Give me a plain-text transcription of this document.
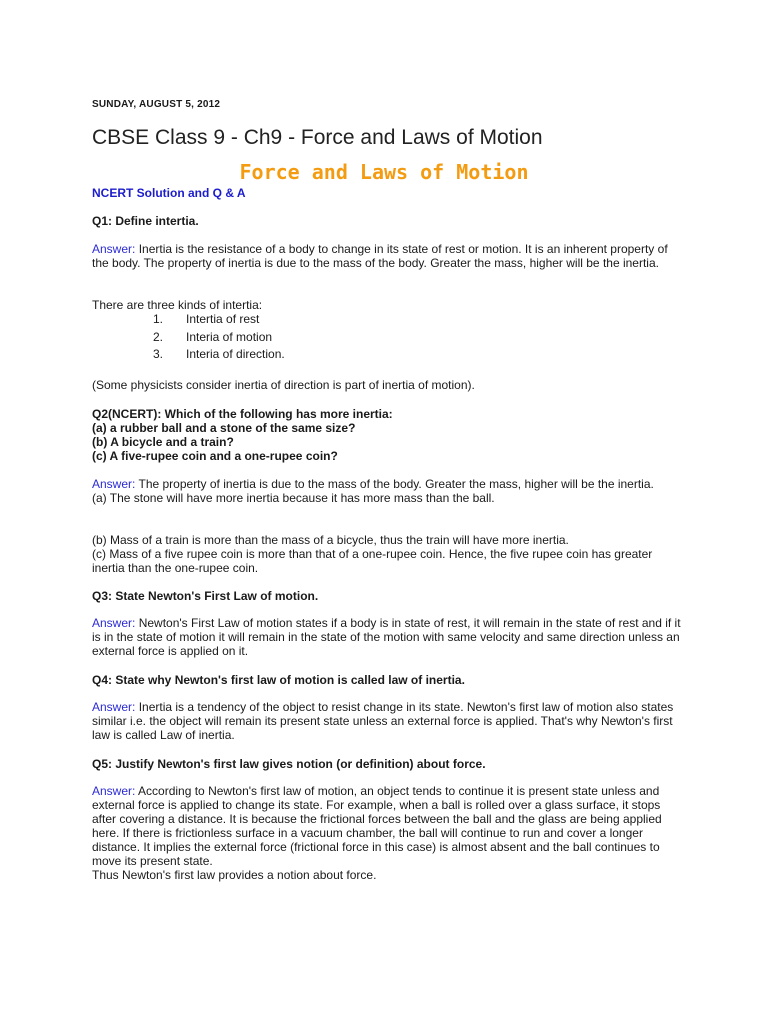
SUNDAY, AUGUST 5, 2012
CBSE Class 9 - Ch9 - Force and Laws of Motion
Force and Laws of Motion
NCERT Solution and Q & A
Q1: Define intertia.
Answer: Inertia is the resistance of a body to change in its state of rest or motion. It is an inherent property of the body. The property of inertia is due to the mass of the body. Greater the mass, higher will be the inertia.
There are three kinds of intertia:
1. Intertia of rest
2. Interia of motion
3. Interia of direction.
(Some physicists consider inertia of direction is part of inertia of motion).

Q2(NCERT): Which of the following has more inertia:

(a) a rubber ball and a stone of the same size?

(b) A bicycle and a train?

(c) A five-rupee coin and a one-rupee coin?

Answer: The property of inertia is due to the mass of the body. Greater the mass, higher will be the inertia.

(a) The stone will have more inertia because it has more mass than the ball.

(b) Mass of a train is more than the mass of a bicycle, thus the train will have more inertia.

(c) Mass of a five rupee coin is more than that of a one-rupee coin. Hence, the five rupee coin has greater inertia than the one-rupee coin.

Q3: State Newton's First Law of motion.
Answer: Newton's First Law of motion states if a body is in state of rest, it will remain in the state of rest and if it is in the state of motion it will remain in the state of the motion with same velocity and same direction unless an external force is applied on it.
Q4: State why Newton's first law of motion is called law of inertia.
Answer: Inertia is a tendency of the object to resist change in its state. Newton's first law of motion also states similar i.e. the object will remain its present state unless an external force is applied. That's why Newton's first law is called Law of inertia.
Q5: Justify Newton's first law gives notion (or definition) about force.

Answer: According to Newton's first law of motion, an object tends to continue it is present state unless and external force is applied to change its state. For example, when a ball is rolled over a glass surface, it stops after covering a distance. It is because the frictional forces between the ball and the glass are being applied here. If there is frictionless surface in a vacuum chamber, the ball will continue to run and cover a longer distance. It implies the external force (frictional force in this case) is almost absent and the ball continues to move its present state.

Thus Newton's first law provides a notion about force.
